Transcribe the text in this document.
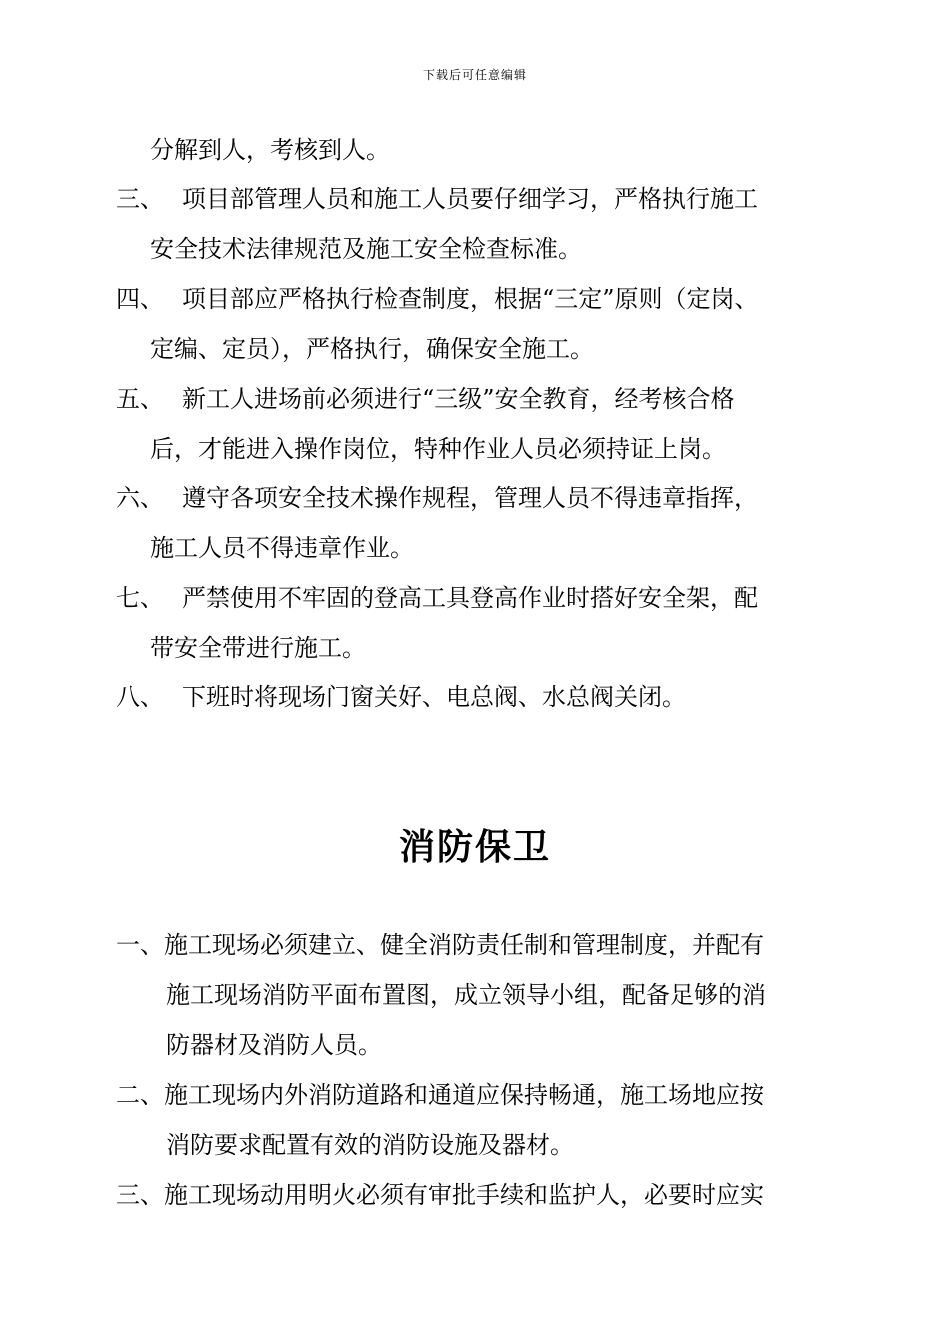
下载后可任意编辑
分解到人，考核到人。
三、 项目部管理人员和施工人员要仔细学习，严格执行施工
安全技术法律规范及施工安全检查标准。
四、 项目部应严格执行检查制度，根据“三定”原则（定岗、
定编、定员），严格执行，确保安全施工。
五、 新工人进场前必须进行“三级”安全教育，经考核合格
后，才能进入操作岗位，特种作业人员必须持证上岗。
六、 遵守各项安全技术操作规程，管理人员不得违章指挥，
施工人员不得违章作业。
七、 严禁使用不牢固的登高工具登高作业时搭好安全架，配
带安全带进行施工。
八、 下班时将现场门窗关好、电总阀、水总阀关闭。
消防保卫
一、施工现场必须建立、健全消防责任制和管理制度，并配有
施工现场消防平面布置图，成立领导小组，配备足够的消
防器材及消防人员。
二、施工现场内外消防道路和通道应保持畅通，施工场地应按
消防要求配置有效的消防设施及器材。
三、施工现场动用明火必须有审批手续和监护人，必要时应实
